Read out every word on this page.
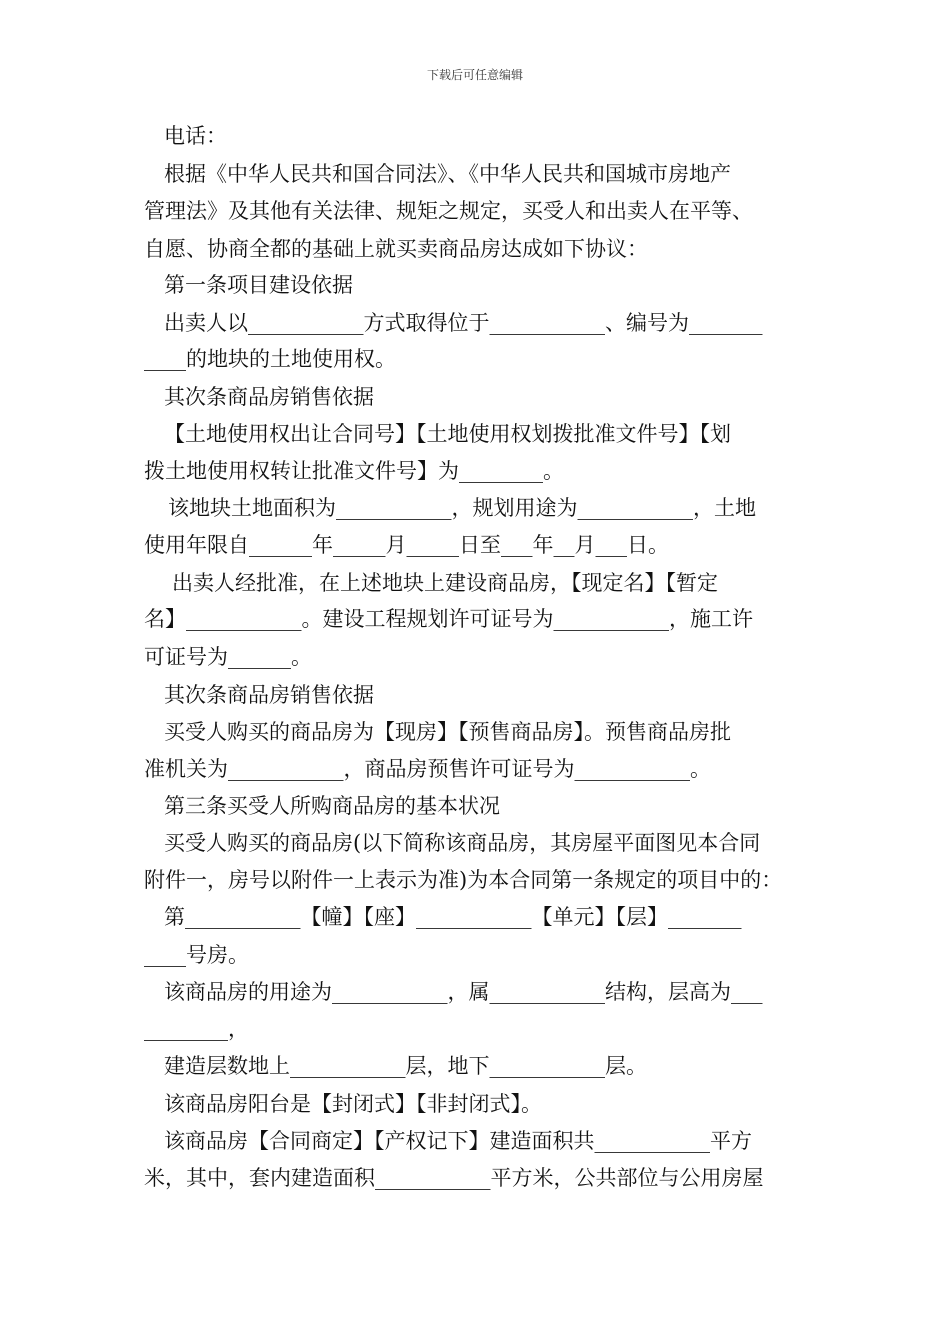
下载后可任意编辑
电话：
根据《中华人民共和国合同法》、《中华人民共和国城市房地产
管理法》及其他有关法律、规矩之规定，买受人和出卖人在平等、
自愿、协商全都的基础上就买卖商品房达成如下协议：
第一条项目建设依据
出卖人以___________方式取得位于___________、编号为_______
____的地块的土地使用权。
其次条商品房销售依据
【土地使用权出让合同号】【土地使用权划拨批准文件号】【划
拨土地使用权转让批准文件号】为________。
该地块土地面积为___________，规划用途为___________，土地
使用年限自______年_____月_____日至___年__月___日。
出卖人经批准，在上述地块上建设商品房，【现定名】【暂定
名】___________。建设工程规划许可证号为___________，施工许
可证号为______。
其次条商品房销售依据
买受人购买的商品房为【现房】【预售商品房】。预售商品房批
准机关为___________，商品房预售许可证号为___________。
第三条买受人所购商品房的基本状况
买受人购买的商品房(以下简称该商品房，其房屋平面图见本合同
附件一，房号以附件一上表示为准)为本合同第一条规定的项目中的：
第___________【幢】【座】___________【单元】【层】_______
____号房。
该商品房的用途为___________，属___________结构，层高为___
________，
建造层数地上___________层，地下___________层。
该商品房阳台是【封闭式】【非封闭式】。
该商品房【合同商定】【产权记下】建造面积共___________平方
米，其中，套内建造面积___________平方米，公共部位与公用房屋
